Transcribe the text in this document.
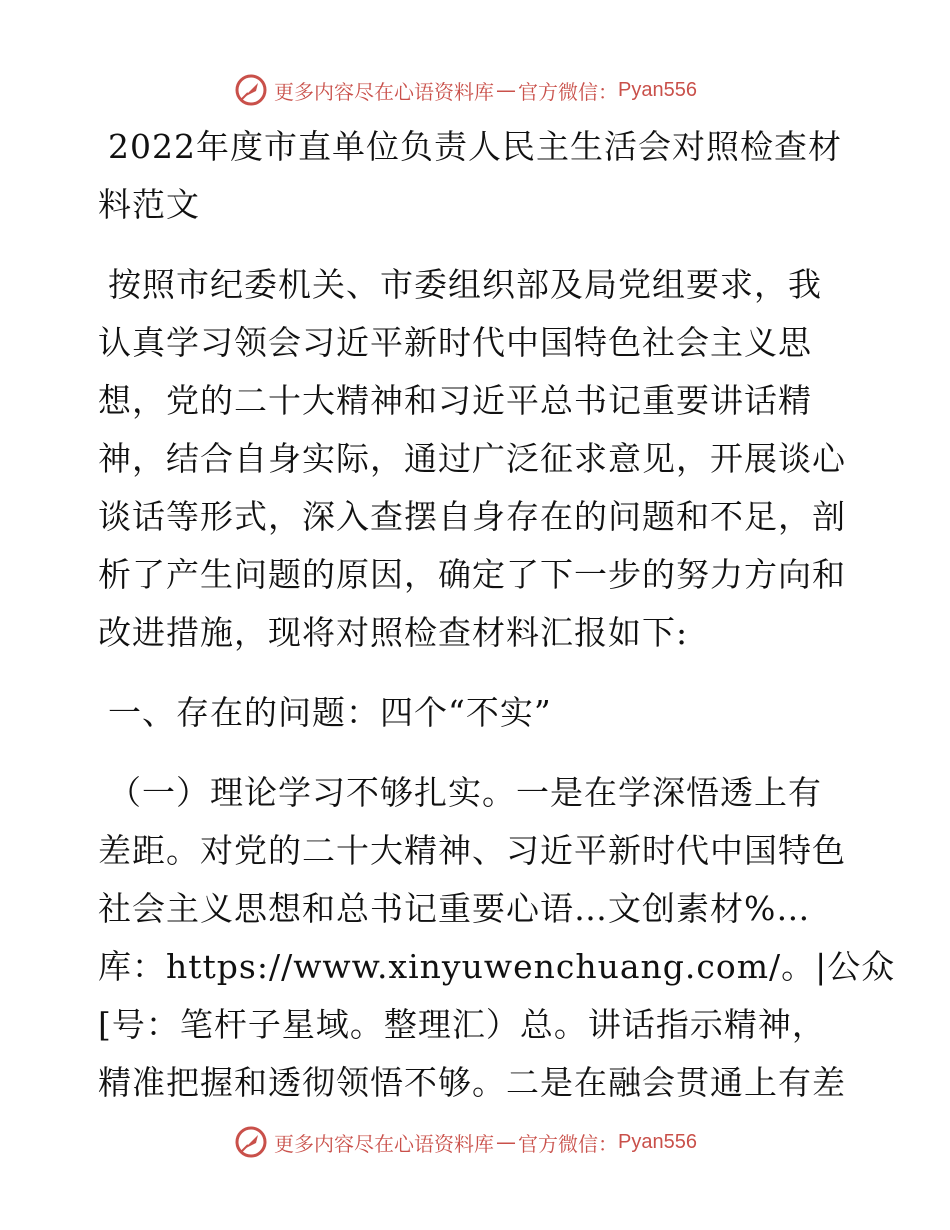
更多内容尽在心语资料库 — 官方微信： Pyan556
2022年度市直单位负责人民主生活会对照检查材
料范文
按照市纪委机关、市委组织部及局党组要求，我
认真学习领会习近平新时代中国特色社会主义思
想，党的二十大精神和习近平总书记重要讲话精
神，结合自身实际，通过广泛征求意见，开展谈心
谈话等形式，深入查摆自身存在的问题和不足，剖
析了产生问题的原因，确定了下一步的努力方向和
改进措施，现将对照检查材料汇报如下:
一、存在的问题：四个“不实”
（一）理论学习不够扎实。一是在学深悟透上有
差距。对党的二十大精神、习近平新时代中国特色
社会主义思想和总书记重要心语…文创素材%…
库：https://www.xinyuwenchuang.com/。|公众
[号：笔杆子星域。整理汇）总。讲话指示精神，
精准把握和透彻领悟不够。二是在融会贯通上有差
更多内容尽在心语资料库 — 官方微信： Pyan556
